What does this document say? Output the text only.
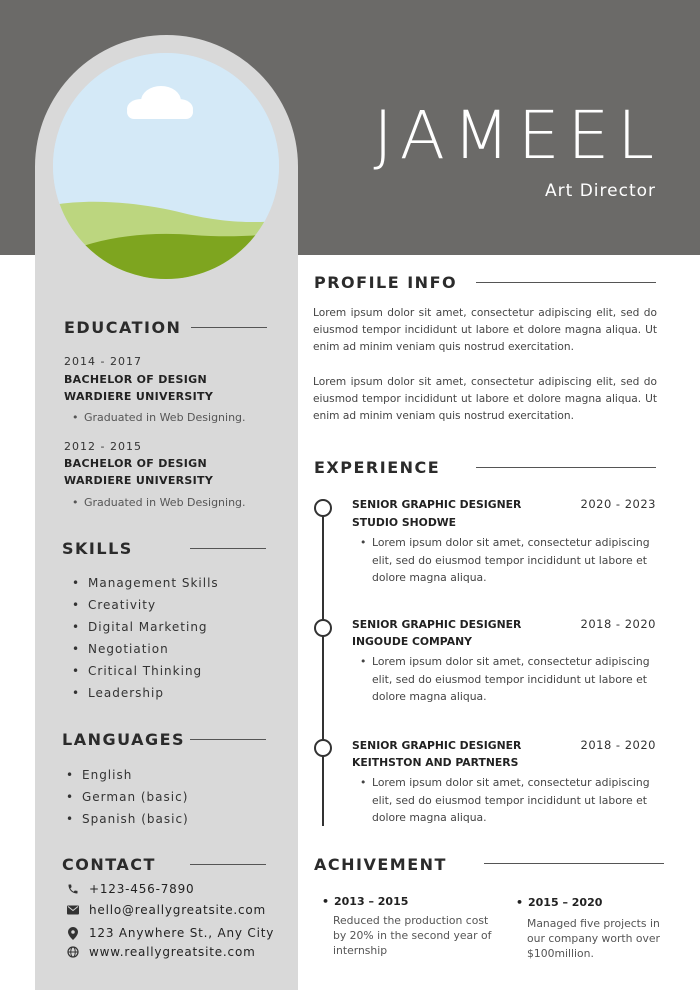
JAMEEL
Art Director
EDUCATION
2014 - 2017
BACHELOR OF DESIGN
WARDIERE UNIVERSITY
• Graduated in Web Designing.
2012 - 2015
BACHELOR OF DESIGN
WARDIERE UNIVERSITY
• Graduated in Web Designing.
SKILLS
• Management Skills
• Creativity
• Digital Marketing
• Negotiation
• Critical Thinking
• Leadership
LANGUAGES
• English
• German (basic)
• Spanish (basic)
CONTACT
+123-456-7890
hello@reallygreatsite.com
123 Anywhere St., Any City
www.reallygreatsite.com
PROFILE INFO
Lorem ipsum dolor sit amet, consectetur adipiscing elit, sed do eiusmod tempor incididunt ut labore et dolore magna aliqua. Ut enim ad minim veniam quis nostrud exercitation.
Lorem ipsum dolor sit amet, consectetur adipiscing elit, sed do eiusmod tempor incididunt ut labore et dolore magna aliqua. Ut enim ad minim veniam quis nostrud exercitation.
EXPERIENCE
SENIOR GRAPHIC DESIGNER
STUDIO SHODWE
2020 - 2023
• Lorem ipsum dolor sit amet, consectetur adipiscing elit, sed do eiusmod tempor incididunt ut labore et dolore magna aliqua.
SENIOR GRAPHIC DESIGNER
INGOUDE COMPANY
2018 - 2020
• Lorem ipsum dolor sit amet, consectetur adipiscing elit, sed do eiusmod tempor incididunt ut labore et dolore magna aliqua.
SENIOR GRAPHIC DESIGNER
KEITHSTON AND PARTNERS
2018 - 2020
• Lorem ipsum dolor sit amet, consectetur adipiscing elit, sed do eiusmod tempor incididunt ut labore et dolore magna aliqua.
ACHIVEMENT
• 2013 – 2015
Reduced the production cost by 20% in the second year of internship
• 2015 – 2020
Managed five projects in our company worth over $100million.
